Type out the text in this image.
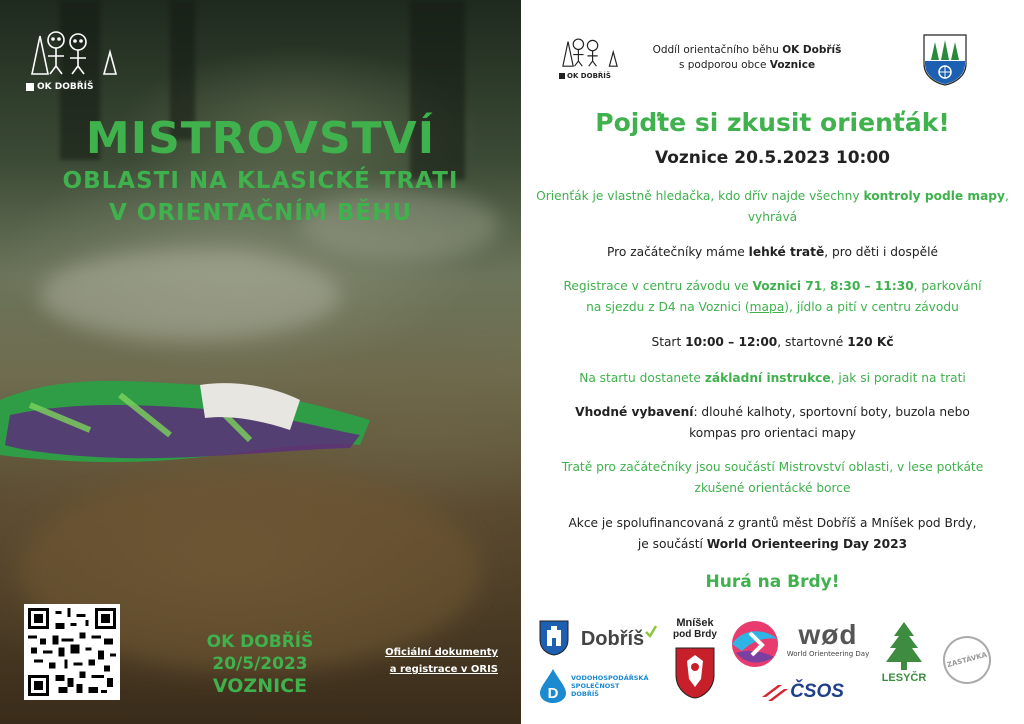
OK DOBŘÍŠ
MISTROVSTVÍ
OBLASTI NA KLASICKÉ TRATI
V ORIENTAČNÍM BĚHU
OK DOBŘÍŠ
20/5/2023
VOZNICE
Oficiální dokumenty
a registrace v ORIS
OK DOBŘÍŠ
Oddíl orientačního běhu OK Dobříš
s podporou obce Voznice
Pojďte si zkusit orienťák!
Voznice 20.5.2023 10:00
Orienťák je vlastně hledačka, kdo dřív najde všechny kontroly podle mapy, vyhrává
Pro začátečníky máme lehké tratě, pro děti i dospělé
Registrace v centru závodu ve Voznici 71, 8:30 – 11:30, parkování
na sjezdu z D4 na Voznici (mapa), jídlo a pití v centru závodu
Start 10:00 – 12:00, startovné 120 Kč
Na startu dostanete základní instrukce, jak si poradit na trati
Vhodné vybavení: dlouhé kalhoty, sportovní boty, buzola nebo
kompas pro orientaci mapy
Tratě pro začátečníky jsou součástí Mistrovství oblasti, v lese potkáte
zkušené orientácké borce
Akce je spolufinancovaná z grantů měst Dobříš a Mníšek pod Brdy,
je součástí World Orienteering Day 2023
Hurá na Brdy!
Dobříš
Mníšek
pod Brdy	wød
World Orienteering Day
ČSOS
LESYČR
ZASTÁVKA
D
VODOHOSPODÁŘSKÁ
SPOLEČNOST
DOBŘÍŠ
